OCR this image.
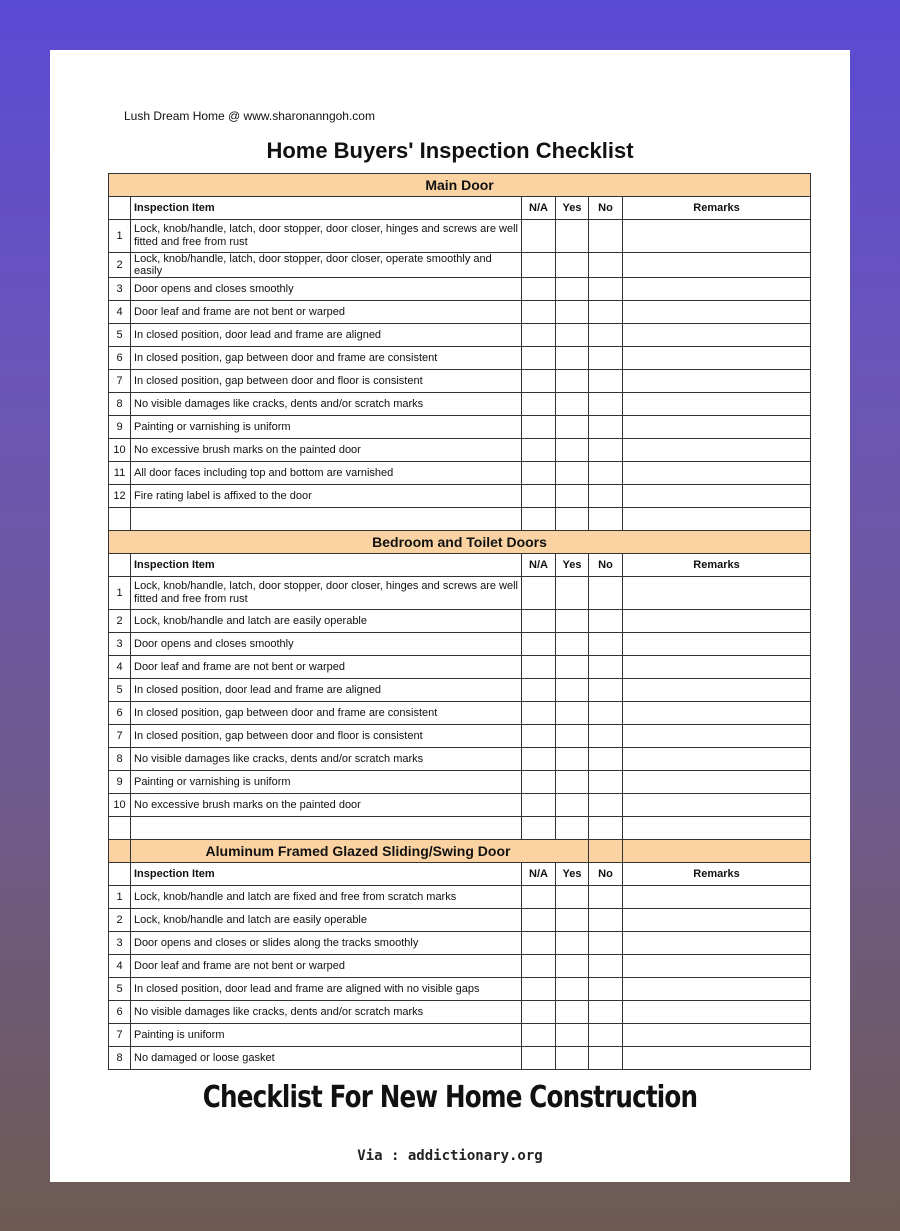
Lush Dream Home @ www.sharonanngoh.com
Home Buyers' Inspection Checklist
Main Door					
	Inspection Item	N/A	Yes	No	Remarks
1	Lock, knob/handle, latch, door stopper, door closer, hinges and screws are well fitted and free from rust				
2	Lock, knob/handle, latch, door stopper, door closer, operate smoothly and easily				
3	Door opens and closes smoothly				
4	Door leaf and frame are not bent or warped				
5	In closed position, door lead and frame are aligned				
6	In closed position, gap between door and frame are consistent				
7	In closed position, gap between door and floor is consistent				
8	No visible damages like cracks, dents and/or scratch marks				
9	Painting or varnishing is uniform				
10	No excessive brush marks on the painted door				
11	All door faces including top and bottom are varnished				
12	Fire rating label is affixed to the door				

Bedroom and Toilet Doors					
	Inspection Item	N/A	Yes	No	Remarks
1	Lock, knob/handle, latch, door stopper, door closer, hinges and screws are well fitted and free from rust				
2	Lock, knob/handle and latch are easily operable				
3	Door opens and closes smoothly				
4	Door leaf and frame are not bent or warped				
5	In closed position, door lead and frame are aligned				
6	In closed position, gap between door and frame are consistent				
7	In closed position, gap between door and floor is consistent				
8	No visible damages like cracks, dents and/or scratch marks				
9	Painting or varnishing is uniform				
10	No excessive brush marks on the painted door				

	Aluminum Framed Glazed Sliding/Swing Door				
	Inspection Item	N/A	Yes	No	Remarks
1	Lock, knob/handle and latch are fixed and free from scratch marks				
2	Lock, knob/handle and latch are easily operable				
3	Door opens and closes or slides along the tracks smoothly				
4	Door leaf and frame are not bent or warped				
5	In closed position, door lead and frame are aligned with no visible gaps				
6	No visible damages like cracks, dents and/or scratch marks				
7	Painting is uniform				
8	No damaged or loose gasket				
Checklist For New Home Construction
Via : addictionary.org
